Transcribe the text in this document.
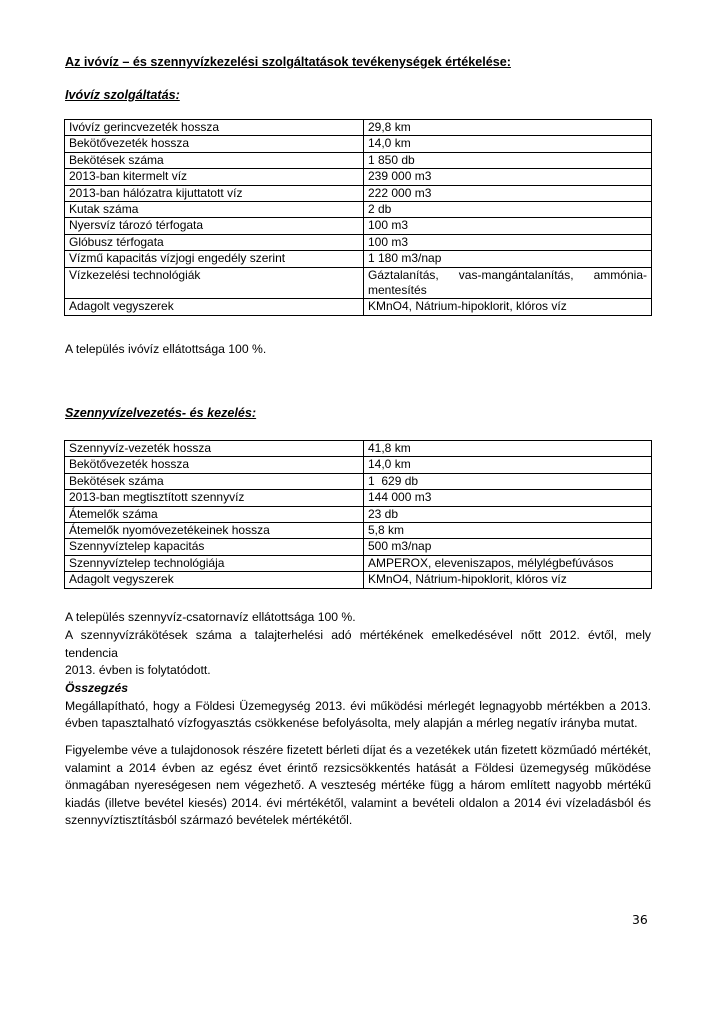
Az ivóvíz – és szennyvízkezelési szolgáltatások tevékenységek értékelése:
Ivóvíz szolgáltatás:
Ivóvíz gerincvezeték hossza	29,8 km
Bekötővezeték hossza	14,0 km
Bekötések száma	1 850 db
2013-ban kitermelt víz	239 000 m3
2013-ban hálózatra kijuttatott víz	222 000 m3
Kutak száma	2 db
Nyersvíz tározó térfogata	100 m3
Glóbusz térfogata	100 m3
Vízmű kapacitás vízjogi engedély szerint	1 180 m3/nap
Vízkezelési technológiák	Gáztalanítás, vas-mangántalanítás, ammónia-
mentesítés

Adagolt vegyszerek	KMnO4, Nátrium-hipoklorit, klóros víz
A település ivóvíz ellátottsága 100 %.
Szennyvízelvezetés- és kezelés:
Szennyvíz-vezeték hossza	41,8 km
Bekötővezeték hossza	14,0 km
Bekötések száma	1  629 db
2013-ban megtisztított szennyvíz	144 000 m3
Átemelők száma	23 db
Átemelők nyomóvezetékeinek hossza	5,8 km
Szennyvíztelep kapacitás	500 m3/nap
Szennyvíztelep technológiája	AMPEROX, eleveniszapos, mélylégbefúvásos
Adagolt vegyszerek	KMnO4, Nátrium-hipoklorit, klóros víz
A település szennyvíz-csatornavíz ellátottsága 100 %.
A szennyvízrákötések száma a talajterhelési adó mértékének emelkedésével nőtt 2012. évtől, mely tendencia
2013. évben is folytatódott.
Összegzés
Megállapítható, hogy a Földesi Üzemegység 2013. évi működési mérlegét legnagyobb mértékben a 2013.
évben tapasztalható vízfogyasztás csökkenése befolyásolta, mely alapján a mérleg negatív irányba mutat.
Figyelembe véve a tulajdonosok részére fizetett bérleti díjat és a vezetékek után fizetett közműadó mértékét,
valamint a 2014 évben az egész évet érintő rezsicsökkentés hatását a Földesi üzemegység működése
önmagában nyereségesen nem végezhető. A veszteség mértéke függ a három említett nagyobb mértékű
kiadás (illetve bevétel kiesés) 2014. évi mértékétől, valamint a bevételi oldalon a 2014 évi vízeladásból és
szennyvíztisztításból származó bevételek mértékétől.
36
